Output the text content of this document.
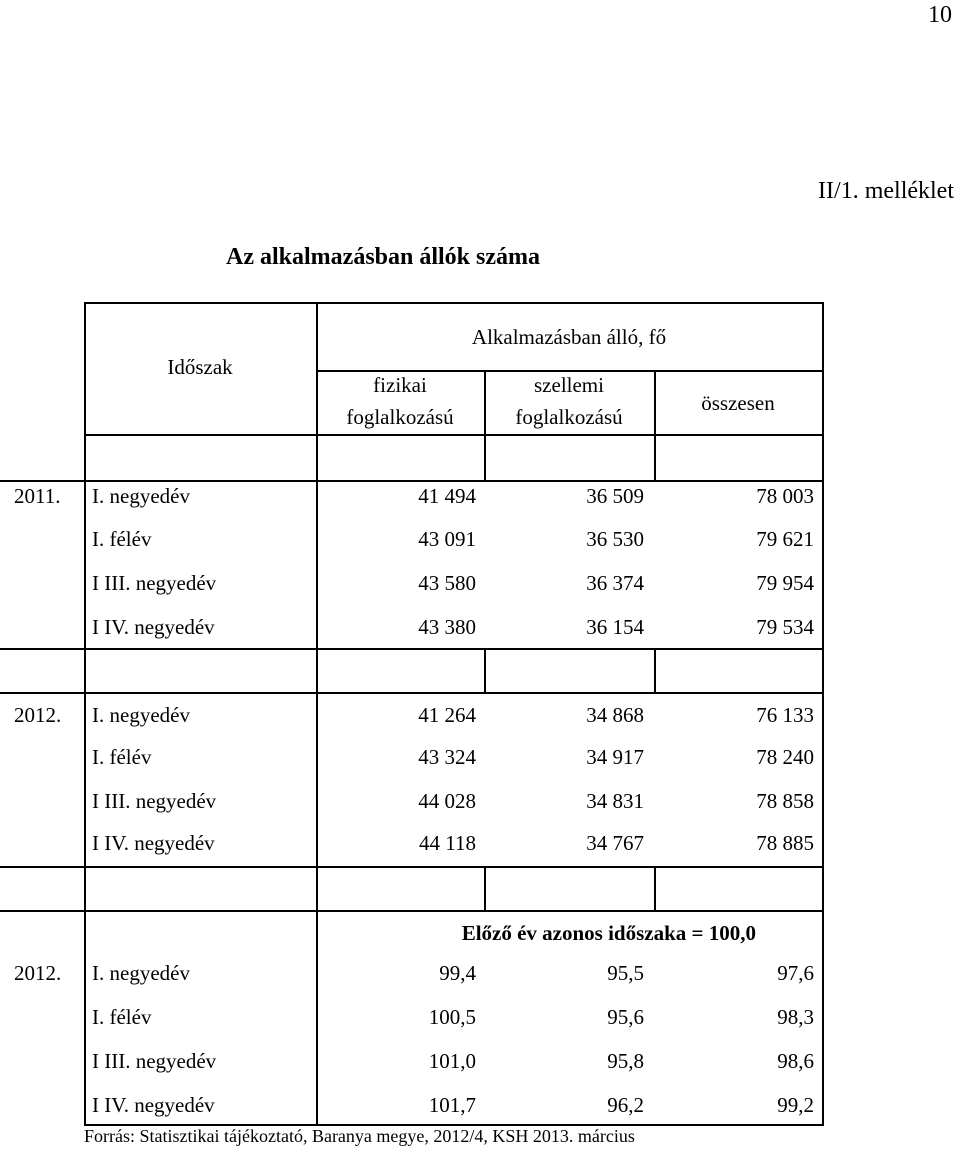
10
II/1. melléklet
Az alkalmazásban állók száma
Időszak
Alkalmazásban álló, fő
fizikai
foglalkozású
szellemi
foglalkozású
összesen
2011. I. negyedév	41 494	36 509	78 003
I. félév	43 091	36 530	79 621
I III. negyedév	43 580	36 374	79 954
I IV. negyedév	43 380	36 154	79 534
2012. I. negyedév	41 264	34 868	76 133
I. félév	43 324	34 917	78 240
I III. negyedév	44 028	34 831	78 858
I IV. negyedév	44 118	34 767	78 885
Előző év azonos időszaka = 100,0
2012. I. negyedév	99,4	95,5	97,6
I. félév	100,5	95,6	98,3
I III. negyedév	101,0	95,8	98,6
I IV. negyedév	101,7	96,2	99,2
Forrás: Statisztikai tájékoztató, Baranya megye, 2012/4, KSH 2013. március
